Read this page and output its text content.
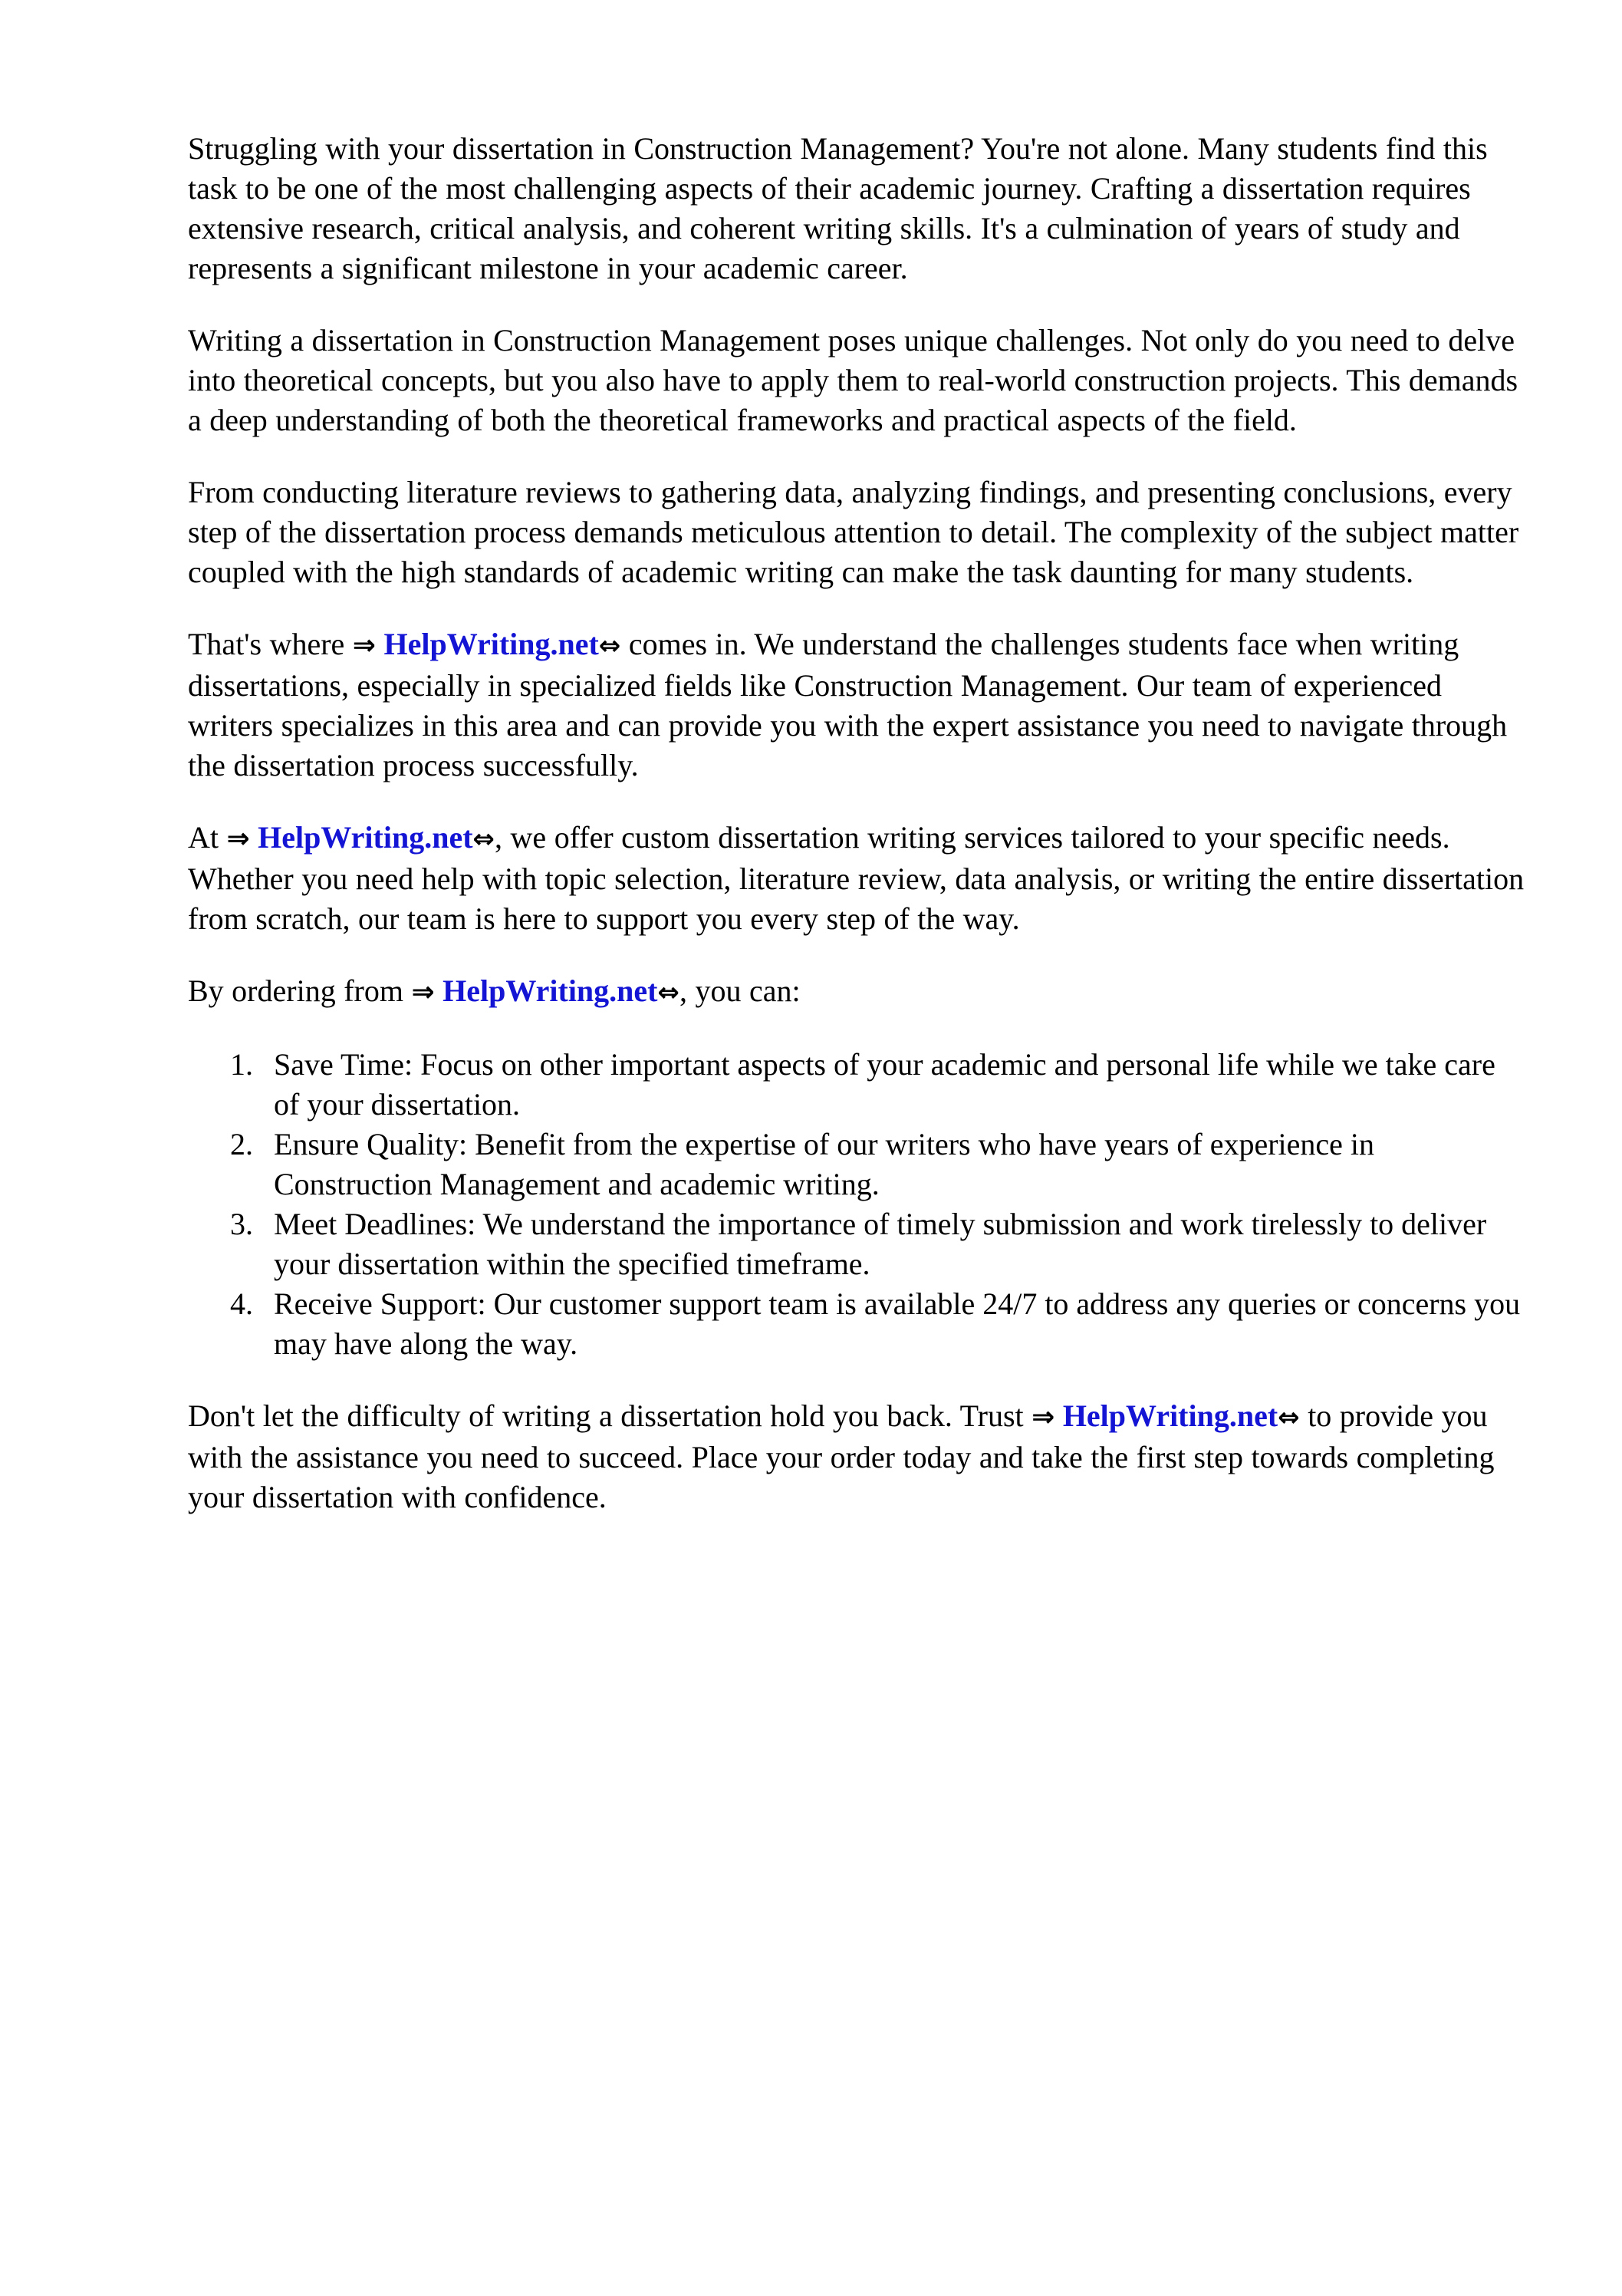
Struggling with your dissertation in Construction Management? You're not alone. Many students find this task to be one of the most challenging aspects of their academic journey. Crafting a dissertation requires extensive research, critical analysis, and coherent writing skills. It's a culmination of years of study and represents a significant milestone in your academic career.

Writing a dissertation in Construction Management poses unique challenges. Not only do you need to delve into theoretical concepts, but you also have to apply them to real-world construction projects. This demands a deep understanding of both the theoretical frameworks and practical aspects of the field.

From conducting literature reviews to gathering data, analyzing findings, and presenting conclusions, every step of the dissertation process demands meticulous attention to detail. The complexity of the subject matter coupled with the high standards of academic writing can make the task daunting for many students.

That's where ⇒ HelpWriting.net⇔ comes in. We understand the challenges students face when writing dissertations, especially in specialized fields like Construction Management. Our team of experienced writers specializes in this area and can provide you with the expert assistance you need to navigate through the dissertation process successfully.

At ⇒ HelpWriting.net⇔, we offer custom dissertation writing services tailored to your specific needs. Whether you need help with topic selection, literature review, data analysis, or writing the entire dissertation from scratch, our team is here to support you every step of the way.

By ordering from ⇒ HelpWriting.net⇔, you can:

Save Time: Focus on other important aspects of your academic and personal life while we take care of your dissertation.
Ensure Quality: Benefit from the expertise of our writers who have years of experience in Construction Management and academic writing.
Meet Deadlines: We understand the importance of timely submission and work tirelessly to deliver your dissertation within the specified timeframe.
Receive Support: Our customer support team is available 24/7 to address any queries or concerns you may have along the way.

Don't let the difficulty of writing a dissertation hold you back. Trust ⇒ HelpWriting.net⇔ to provide you with the assistance you need to succeed. Place your order today and take the first step towards completing your dissertation with confidence.
